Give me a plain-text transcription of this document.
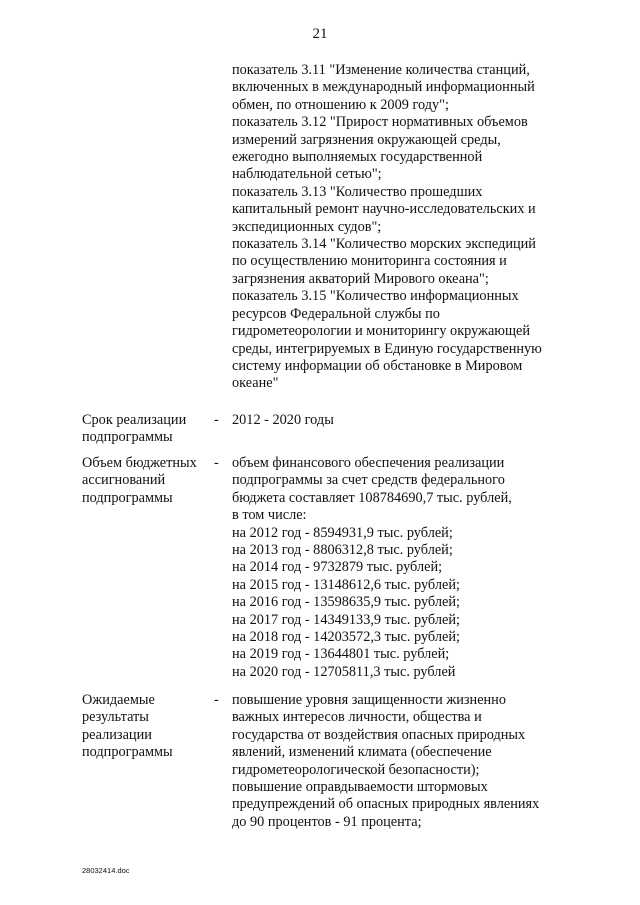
21
показатель 3.11 "Изменение количества станций,
включенных в международный информационный
обмен, по отношению к 2009 году";
показатель 3.12 "Прирост нормативных объемов
измерений загрязнения окружающей среды,
ежегодно выполняемых государственной
наблюдательной сетью";
показатель 3.13 "Количество прошедших
капитальный ремонт научно-исследовательских и
экспедиционных судов";
показатель 3.14 "Количество морских экспедиций
по осуществлению мониторинга состояния и
загрязнения акваторий Мирового океана";
показатель 3.15 "Количество информационных
ресурсов Федеральной службы по
гидрометеорологии и мониторингу окружающей
среды, интегрируемых в Единую государственную
систему информации об обстановке в Мировом
океане"
Срок реализации
подпрограммы
- 2012 - 2020 годы
Объем бюджетных
ассигнований
подпрограммы
- объем финансового обеспечения реализации
подпрограммы за счет средств федерального
бюджета составляет 108784690,7 тыс. рублей,
в том числе:
на 2012 год - 8594931,9 тыс. рублей;
на 2013 год - 8806312,8 тыс. рублей;
на 2014 год - 9732879 тыс. рублей;
на 2015 год - 13148612,6 тыс. рублей;
на 2016 год - 13598635,9 тыс. рублей;
на 2017 год - 14349133,9 тыс. рублей;
на 2018 год - 14203572,3 тыс. рублей;
на 2019 год - 13644801 тыс. рублей;
на 2020 год - 12705811,3 тыс. рублей
Ожидаемые
результаты
реализации
подпрограммы
- повышение уровня защищенности жизненно
важных интересов личности, общества и
государства от воздействия опасных природных
явлений, изменений климата (обеспечение
гидрометеорологической безопасности);
повышение оправдываемости штормовых
предупреждений об опасных природных явлениях
до 90 процентов - 91 процента;
28032414.doc
